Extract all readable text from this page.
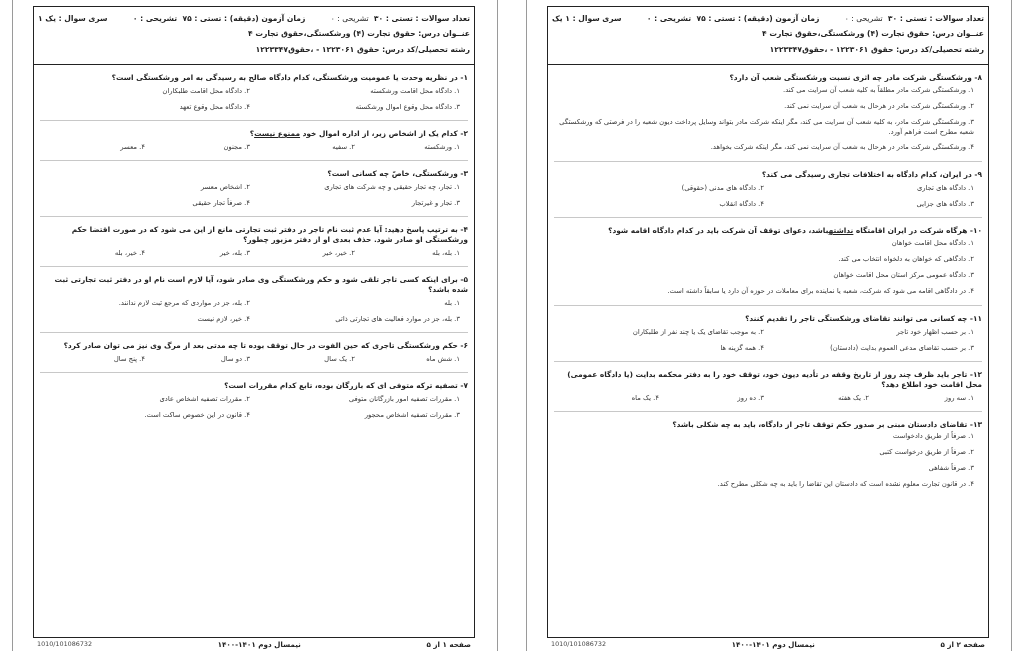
تعداد سوالات : تستی : ۳۰  تشریحی : ۰
زمان آزمون (دقیقه) : تستی : ۷۵  تشریحی : ۰
سری سوال : یک ۱
عنــوان درس: حقوق تجارت (۴) ورشکستگی،حقوق تجارت ۴
رشته تحصیلی/کد درس: حقوق ۱۲۲۳۰۶۱ - ،حقوق۱۲۲۳۳۴۷
۱- در نظریه وحدت یا عمومیت ورشکستگی، کدام دادگاه صالح به رسیدگی به امر ورشکستگی است؟
۱. دادگاه محل اقامت ورشکسته
۲. دادگاه محل اقامت طلبکاران
۳. دادگاه محل وقوع اموال ورشکسته
۴. دادگاه محل وقوع تعهد
۲- کدام یک از اشخاص زیر، از اداره اموال خود ممنوع نیست؟
۱. ورشکسته
۲. سفیه
۳. مجنون
۴. معسر
۳- ورشکستگی، خاصّ چه کسانی است؟
۱. تجار، چه تجار حقیقی و چه شرکت های تجاری
۲. اشخاص معسر
۳. تجار و غیرتجار
۴. صرفاً تجار حقیقی
۴- به ترتیب پاسخ دهید: آیا عدم ثبت نام تاجر در دفتر ثبت تجارتی مانع از این می شود که در صورت اقتضا حکم ورشکستگی او صادر شود. حذف بعدی او از دفتر مزبور چطور؟
۱. بله، بله
۲. خیر، خیر
۳. بله، خیر
۴. خیر، بله
۵- برای اینکه کسی تاجر تلقی شود و حکم ورشکستگی وی صادر شود، آیا لازم است نام او در دفتر ثبت تجارتی ثبت شده باشد؟
۱. بله
۲. بله، جز در مواردی که مرجع ثبت لازم ندانند.
۳. بله، جز در موارد فعالیت های تجارتی ذاتی
۴. خیر، لازم نیست
۶- حکم ورشکستگی تاجری که حین الفوت در حال توقف بوده تا چه مدتی بعد از مرگ وی نیز می توان صادر کرد؟
۱. شش ماه
۲. یک سال
۳. دو سال
۴. پنج سال
۷- تصفیه ترکه متوفی ای که بازرگان بوده، تابع کدام مقررات است؟
۱. مقررات تصفیه امور بازرگانان متوفی
۲. مقررات تصفیه اشخاص عادی
۳. مقررات تصفیه اشخاص محجور
۴. قانون در این خصوص ساکت است.
صفحه ۱ از ۵
نیمسال دوم ۱۴۰۱-۱۴۰۰
1010/101086732
تعداد سوالات : تستی : ۳۰  تشریحی : ۰
زمان آزمون (دقیقه) : تستی : ۷۵  تشریحی : ۰
سری سوال : ۱ یک
عنــوان درس: حقوق تجارت (۴) ورشکستگی،حقوق تجارت ۴
رشته تحصیلی/کد درس: حقوق ۱۲۲۳۰۶۱ - ،حقوق۱۲۲۳۳۴۷
۸- ورشکستگی شرکت مادر چه اثری نسبت ورشکستگی شعب آن دارد؟
۱. ورشکستگی شرکت مادر مطلقاً به کلیه شعب آن سرایت می کند.
۲. ورشکستگی شرکت مادر در هرحال به شعب آن سرایت نمی کند.
۳. ورشکستگی شرکت مادر، به کلیه شعب آن سرایت می کند، مگر اینکه شرکت مادر بتواند وسایل پرداخت دیون شعبه را در فرصتی که ورشکستگی شعبه مطرح است فراهم آورد.
۴. ورشکستگی شرکت مادر در هرحال به شعب آن سرایت نمی کند، مگر اینکه شرکت بخواهد.
۹- در ایران، کدام دادگاه به اختلافات تجاری رسیدگی می کند؟
۱. دادگاه های تجاری
۲. دادگاه های مدنی (حقوقی)
۳. دادگاه های جزایی
۴. دادگاه انقلاب
۱۰- هرگاه شرکت در ایران اقامتگاه نداشتهباشد، دعوای توقف آن شرکت باید در کدام دادگاه اقامه شود؟
۱. دادگاه محل اقامت خواهان
۲. دادگاهی که خواهان به دلخواه انتخاب می کند.
۳. دادگاه عمومی مرکز استان محل اقامت خواهان
۴. در دادگاهی اقامه می شود که شرکت، شعبه یا نماینده برای معاملات در حوزه آن دارد یا سابقاً داشته است.
۱۱- چه کسانی می توانند تقاضای ورشکستگی تاجر را تقدیم کنند؟
۱. بر حسب اظهار خود تاجر
۲. به موجب تقاضای یک یا چند نفر از طلبکاران
۳. بر حسب تقاضای مدعی العموم بدایت (دادستان)
۴. همه گزینه ها
۱۲- تاجر باید ظرف چند روز از تاریخ وقفه در تأدیه دیون خود، توقف خود را به دفتر محکمه بدایت (یا دادگاه عمومی) محل اقامت خود اطلاع دهد؟
۱. سه روز
۲. یک هفته
۳. ده روز
۴. یک ماه
۱۳- تقاضای دادستان مبنی بر صدور حکم توقف تاجر از دادگاه، باید به چه شکلی باشد؟
۱. صرفاً از طریق دادخواست
۲. صرفاً از طریق درخواست کتبی
۳. صرفاً شفاهی
۴. در قانون تجارت معلوم نشده است که دادستان این تقاضا را باید به چه شکلی مطرح کند.
صفحه ۲ از ۵
نیمسال دوم ۱۴۰۱-۱۴۰۰
1010/101086732
